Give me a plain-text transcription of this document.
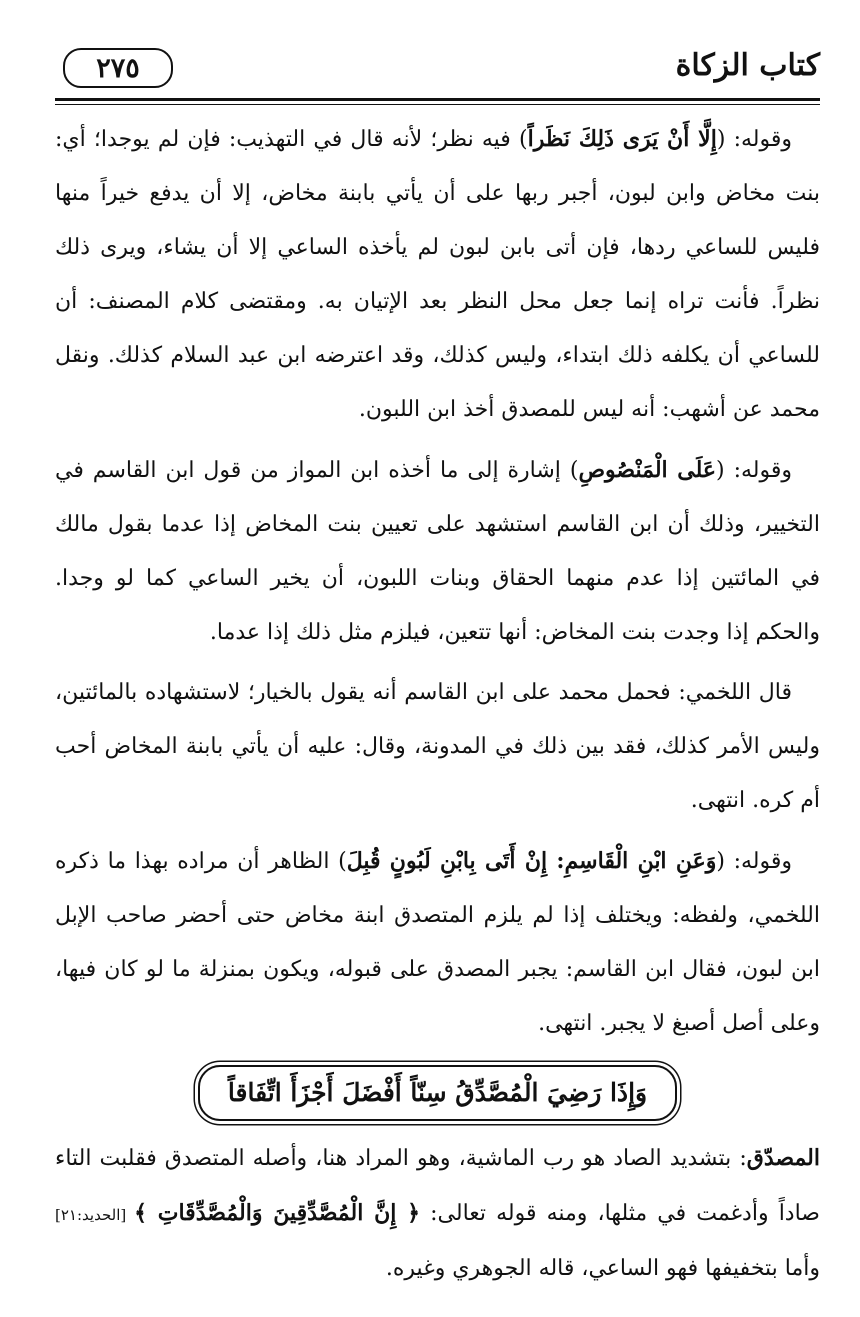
٢٧٥	كتاب الزكاة

وقوله: (إِلَّا أَنْ يَرَى ذَلِكَ نَظَراً) فيه نظر؛ لأنه قال في التهذيب: فإن لم يوجدا؛ أي: بنت مخاض وابن لبون، أجبر ربها على أن يأتي بابنة مخاض، إلا أن يدفع خيراً منها فليس للساعي ردها، فإن أتى بابن لبون لم يأخذه الساعي إلا أن يشاء، ويرى ذلك نظراً. فأنت تراه إنما جعل محل النظر بعد الإتيان به. ومقتضى كلام المصنف: أن للساعي أن يكلفه ذلك ابتداء، وليس كذلك، وقد اعترضه ابن عبد السلام كذلك. ونقل محمد عن أشهب: أنه ليس للمصدق أخذ ابن اللبون.

وقوله: (عَلَى الْمَنْصُوصِ) إشارة إلى ما أخذه ابن المواز من قول ابن القاسم في التخيير، وذلك أن ابن القاسم استشهد على تعيين بنت المخاض إذا عدما بقول مالك في المائتين إذا عدم منهما الحقاق وبنات اللبون، أن يخير الساعي كما لو وجدا. والحكم إذا وجدت بنت المخاض: أنها تتعين، فيلزم مثل ذلك إذا عدما.

قال اللخمي: فحمل محمد على ابن القاسم أنه يقول بالخيار؛ لاستشهاده بالمائتين، وليس الأمر كذلك، فقد بين ذلك في المدونة، وقال: عليه أن يأتي بابنة المخاض أحب أم كره. انتهى.

وقوله: (وَعَنِ ابْنِ الْقَاسِمِ: إِنْ أَتَى بِابْنِ لَبُونٍ قُبِلَ) الظاهر أن مراده بهذا ما ذكره اللخمي، ولفظه: ويختلف إذا لم يلزم المتصدق ابنة مخاض حتى أحضر صاحب الإبل ابن لبون، فقال ابن القاسم: يجبر المصدق على قبوله، ويكون بمنزلة ما لو كان فيها، وعلى أصل أصبغ لا يجبر. انتهى.

وَإِذَا رَضِيَ الْمُصَّدِّقُ سِنّاً أَفْضَلَ أَجْزَأَ اتِّفَاقاً

المصدّق: بتشديد الصاد هو رب الماشية، وهو المراد هنا، وأصله المتصدق فقلبت التاء صاداً وأدغمت في مثلها، ومنه قوله تعالى: ﴿ إِنَّ الْمُصَّدِّقِينَ وَالْمُصَّدِّقَاتِ ﴾ [الحديد:٢١] وأما بتخفيفها فهو الساعي، قاله الجوهري وغيره.
